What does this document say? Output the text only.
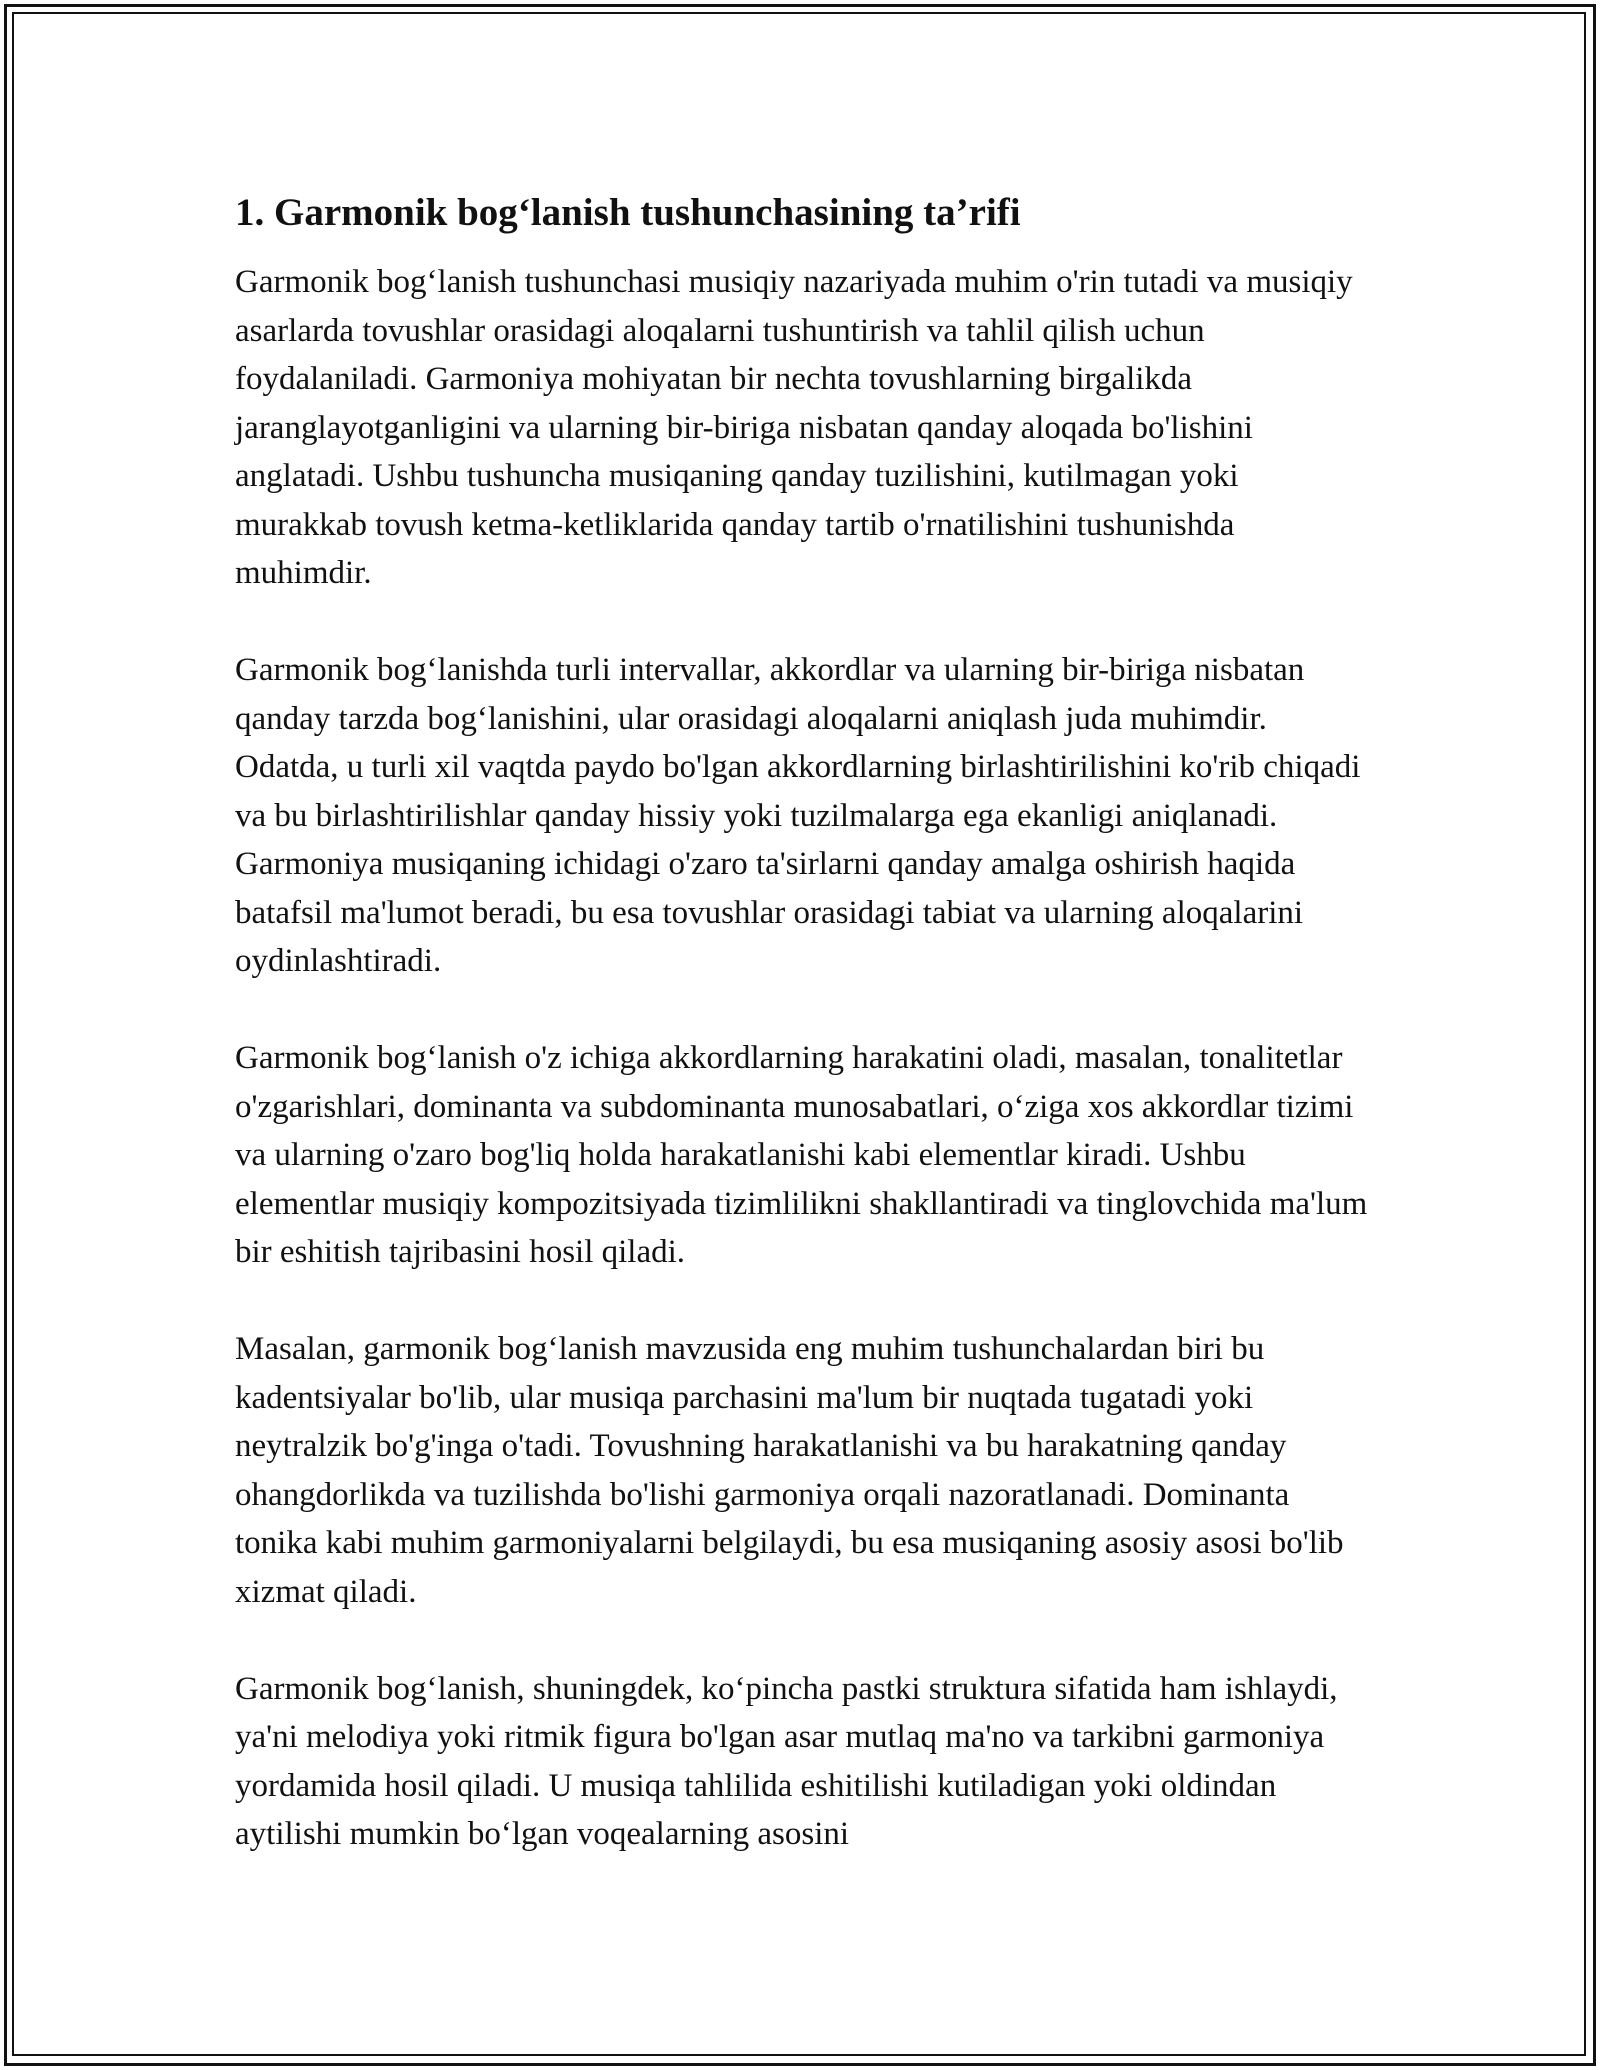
1. Garmonik bog‘lanish tushunchasining ta’rifi

Garmonik bog‘lanish tushunchasi musiqiy nazariyada muhim o'rin tutadi va musiqiy asarlarda tovushlar orasidagi aloqalarni tushuntirish va tahlil qilish uchun foydalaniladi. Garmoniya mohiyatan bir nechta tovushlarning birgalikda jaranglayotganligini va ularning bir-biriga nisbatan qanday aloqada bo'lishini anglatadi. Ushbu tushuncha musiqaning qanday tuzilishini, kutilmagan yoki murakkab tovush ketma-ketliklarida qanday tartib o'rnatilishini tushunishda muhimdir.

Garmonik bog‘lanishda turli intervallar, akkordlar va ularning bir-biriga nisbatan qanday tarzda bog‘lanishini, ular orasidagi aloqalarni aniqlash juda muhimdir. Odatda, u turli xil vaqtda paydo bo'lgan akkordlarning birlashtirilishini ko'rib chiqadi va bu birlashtirilishlar qanday hissiy yoki tuzilmalarga ega ekanligi aniqlanadi. Garmoniya musiqaning ichidagi o'zaro ta'sirlarni qanday amalga oshirish haqida batafsil ma'lumot beradi, bu esa tovushlar orasidagi tabiat va ularning aloqalarini oydinlashtiradi.

Garmonik bog‘lanish o'z ichiga akkordlarning harakatini oladi, masalan, tonalitetlar o'zgarishlari, dominanta va subdominanta munosabatlari, o‘ziga xos akkordlar tizimi va ularning o'zaro bog'liq holda harakatlanishi kabi elementlar kiradi. Ushbu elementlar musiqiy kompozitsiyada tizimlilikni shakllantiradi va tinglovchida ma'lum bir eshitish tajribasini hosil qiladi.

Masalan, garmonik bog‘lanish mavzusida eng muhim tushunchalardan biri bu kadentsiyalar bo'lib, ular musiqa parchasini ma'lum bir nuqtada tugatadi yoki neytralzik bo'g'inga o'tadi. Tovushning harakatlanishi va bu harakatning qanday ohangdorlikda va tuzilishda bo'lishi garmoniya orqali nazoratlanadi. Dominanta tonika kabi muhim garmoniyalarni belgilaydi, bu esa musiqaning asosiy asosi bo'lib xizmat qiladi.

Garmonik bog‘lanish, shuningdek, ko‘pincha pastki struktura sifatida ham ishlaydi, ya'ni melodiya yoki ritmik figura bo'lgan asar mutlaq ma'no va tarkibni garmoniya yordamida hosil qiladi. U musiqa tahlilida eshitilishi kutiladigan yoki oldindan aytilishi mumkin bo‘lgan voqealarning asosini
